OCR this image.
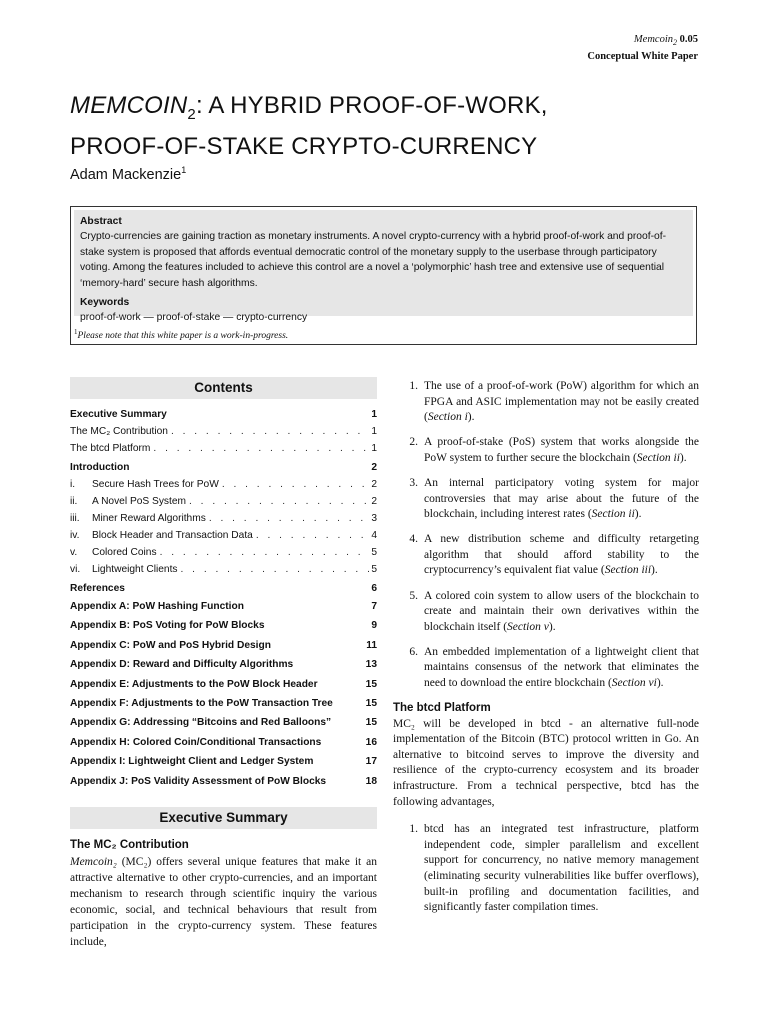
Memcoin$_2$ 0.05
Conceptual White Paper
$MEMCOIN_2$: A HYBRID PROOF-OF-WORK,
PROOF-OF-STAKE CRYPTO-CURRENCY
Adam Mackenzie$^1$
Abstract
Crypto-currencies are gaining traction as monetary instruments. A novel crypto-currency with a hybrid proof-of-work and proof-of-stake system is proposed that affords eventual democratic control of the monetary supply to the userbase through participatory voting. Among the features included to achieve this control are a novel a ‘polymorphic’ hash tree and extensive use of sequential ‘memory-hard’ secure hash algorithms.
Keywords
proof-of-work — proof-of-stake — crypto-currency
$^1$Please note that this white paper is a work-in-progress.
Contents
Executive Summary	1
The MC₂ Contribution . . .	1
The btcd Platform . . .	1
Introduction	2
i.	Secure Hash Trees for PoW . . .	2
ii.	A Novel PoS System . . .	2
iii.	Miner Reward Algorithms . . .	3
iv.	Block Header and Transaction Data . . .	4
v.	Colored Coins . . .	5
vi.	Lightweight Clients . . .	5
References	6
Appendix A: PoW Hashing Function	7
Appendix B: PoS Voting for PoW Blocks	9
Appendix C: PoW and PoS Hybrid Design	11
Appendix D: Reward and Difficulty Algorithms	13
Appendix E: Adjustments to the PoW Block Header	15
Appendix F: Adjustments to the PoW Transaction Tree	15
Appendix G: Addressing “Bitcoins and Red Balloons”	15
Appendix H: Colored Coin/Conditional Transactions	16
Appendix I: Lightweight Client and Ledger System	17
Appendix J: PoS Validity Assessment of PoW Blocks	18
Executive Summary
The MC₂ Contribution
Memcoin₂ (MC₂) offers several unique features that make it an attractive alternative to other crypto-currencies, and an important mechanism to research through scientific inquiry the various economic, social, and technical behaviours that result from participation in the crypto-currency system. These features include,
1. The use of a proof-of-work (PoW) algorithm for which an FPGA and ASIC implementation may not be easily created (Section i).
2. A proof-of-stake (PoS) system that works alongside the PoW system to further secure the blockchain (Section ii).
3. An internal participatory voting system for major controversies that may arise about the future of the blockchain, including interest rates (Section ii).
4. A new distribution scheme and difficulty retargeting algorithm that should afford stability to the cryptocurrency’s equivalent fiat value (Section iii).
5. A colored coin system to allow users of the blockchain to create and maintain their own derivatives within the blockchain itself (Section v).
6. An embedded implementation of a lightweight client that maintains consensus of the network that eliminates the need to download the entire blockchain (Section vi).
The btcd Platform
MC₂ will be developed in btcd - an alternative full-node implementation of the Bitcoin (BTC) protocol written in Go. An alternative to bitcoind serves to improve the diversity and resilience of the crypto-currency ecosystem and its broader infrastructure. From a technical perspective, btcd has the following advantages,
1. btcd has an integrated test infrastructure, platform independent code, simpler parallelism and excellent support for concurrency, no native memory management (eliminating security vulnerabilities like buffer overflows), built-in profiling and documentation facilities, and significantly faster compilation times.
